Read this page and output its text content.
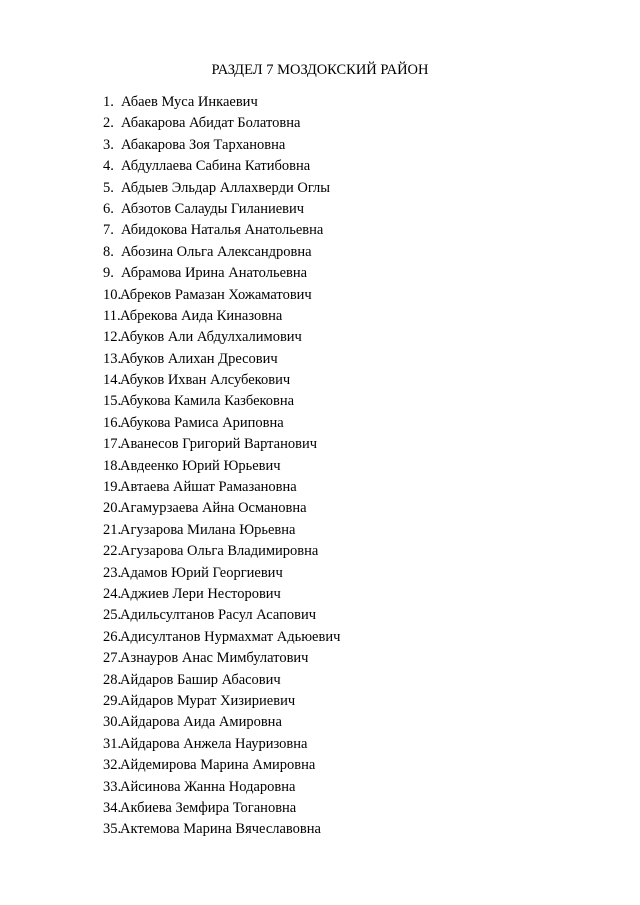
РАЗДЕЛ 7 МОЗДОКСКИЙ РАЙОН
1. Абаев Муса Инкаевич
2. Абакарова Абидат Болатовна
3. Абакарова Зоя Тархановна
4. Абдуллаева Сабина Катибовна
5. Абдыев Эльдар Аллахверди Оглы
6. Абзотов Салауды Гиланиевич
7. Абидокова Наталья Анатольевна
8. Абозина Ольга Александровна
9. Абрамова Ирина Анатольевна
10.
Абреков Рамазан Хожаматович
11. Абрекова Аида Киназовна
12.
Абуков Али Абдулхалимович
13.
Абуков Алихан Дресович
14.
Абуков Ихван Алсубекович
15.
Абукова Камила Казбековна
16.
Абукова Рамиса Ариповна
17.
Аванесов Григорий Вартанович
18.
Авдеенко Юрий Юрьевич
19.
Автаева Айшат Рамазановна
20.
Агамурзаева Айна Османовна
21.
Агузарова Милана Юрьевна
22.
Агузарова Ольга Владимировна
23.
Адамов Юрий Георгиевич
24.
Аджиев Лери Несторович
25.
Адильсултанов Расул Асапович
26.
Адисултанов Нурмахмат Адьюевич
27.
Азнауров Анас Мимбулатович
28.
Айдаров Башир Абасович
29.
Айдаров Мурат Хизириевич
30.
Айдарова Аида Амировна
31.
Айдарова Анжела Науризовна
32.
Айдемирова Марина Амировна
33.
Айсинова Жанна Нодаровна
34.
Акбиева Земфира Тогановна
35.
Актемова Марина Вячеславовна
